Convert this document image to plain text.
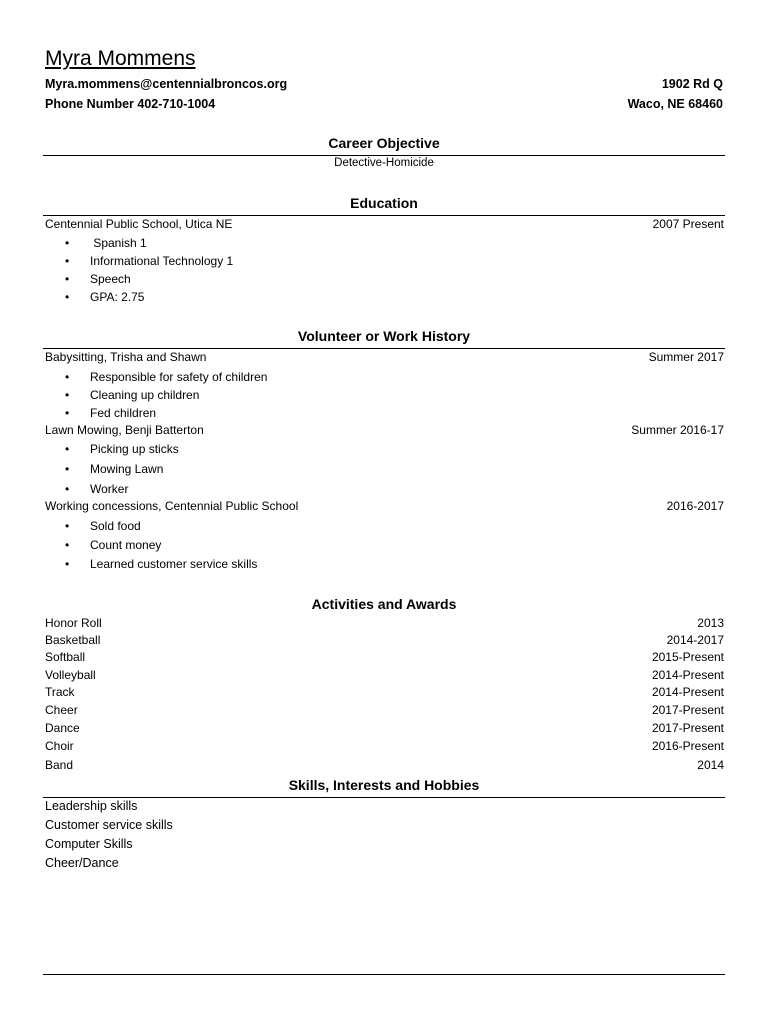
Myra Mommens
Myra.mommens@centennialbroncos.org
Phone Number 402-710-1004
1902 Rd Q
Waco, NE 68460
Career Objective
Detective-Homicide
Education
Centennial Public School, Utica NE	2007 Present
• Spanish 1
• Informational Technology 1
• Speech
• GPA: 2.75
Volunteer or Work History
Babysitting, Trisha and Shawn	Summer 2017
• Responsible for safety of children
• Cleaning up children
• Fed children
Lawn Mowing, Benji Batterton	Summer 2016-17
• Picking up sticks
• Mowing Lawn
• Worker
Working concessions, Centennial Public School	2016-2017
• Sold food
• Count money
• Learned customer service skills
Activities and Awards
Honor Roll	2013
Basketball	2014-2017
Softball	2015-Present
Volleyball	2014-Present
Track	2014-Present
Cheer	2017-Present
Dance	2017-Present
Choir	2016-Present
Band	2014
Skills, Interests and Hobbies
Leadership skills
Customer service skills
Computer Skills
Cheer/Dance
